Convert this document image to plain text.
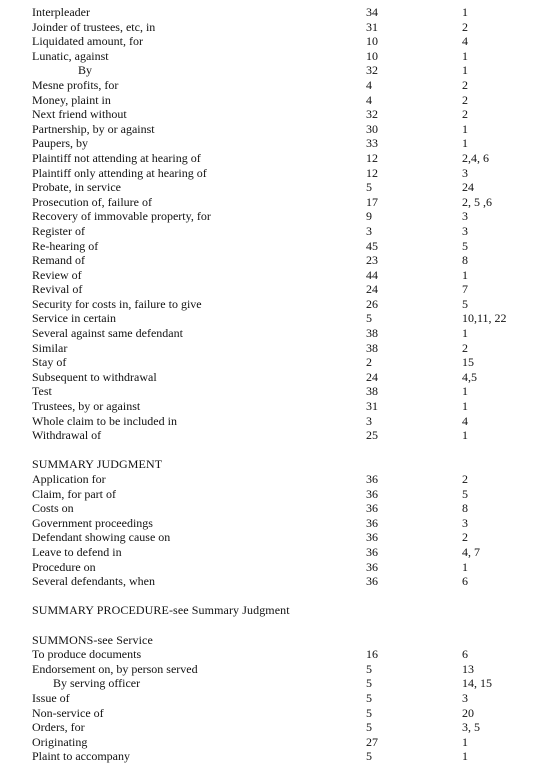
Interpleader	34	1
Joinder of trustees, etc, in	31	2
Liquidated amount, for	10	4
Lunatic, against	10	1
By	32	1
Mesne profits, for	4	2
Money, plaint in	4	2
Next friend without	32	2
Partnership, by or against	30	1
Paupers, by	33	1
Plaintiff not attending at hearing of	12	2,4, 6
Plaintiff only attending at hearing of	12	3
Probate, in service	5	24
Prosecution of, failure of	17	2, 5 ,6
Recovery of immovable property, for	9	3
Register of	3	3
Re-hearing of	45	5
Remand of	23	8
Review of	44	1
Revival of	24	7
Security for costs in, failure to give	26	5
Service in certain	5	10,11, 22
Several against same defendant	38	1
Similar	38	2
Stay of	2	15
Subsequent to withdrawal	24	4,5
Test	38	1
Trustees, by or against	31	1
Whole claim to be included in	3	4
Withdrawal of	25	1
SUMMARY JUDGMENT
Application for	36	2
Claim, for part of	36	5
Costs on	36	8
Government proceedings	36	3
Defendant showing cause on	36	2
Leave to defend in	36	4, 7
Procedure on	36	1
Several defendants, when	36	6
SUMMARY PROCEDURE-see Summary Judgment
SUMMONS-see Service
To produce documents	16	6
Endorsement on, by person served	5	13
By serving officer	5	14, 15
Issue of	5	3
Non-service of	5	20
Orders, for	5	3, 5
Originating	27	1
Plaint to accompany	5	1
